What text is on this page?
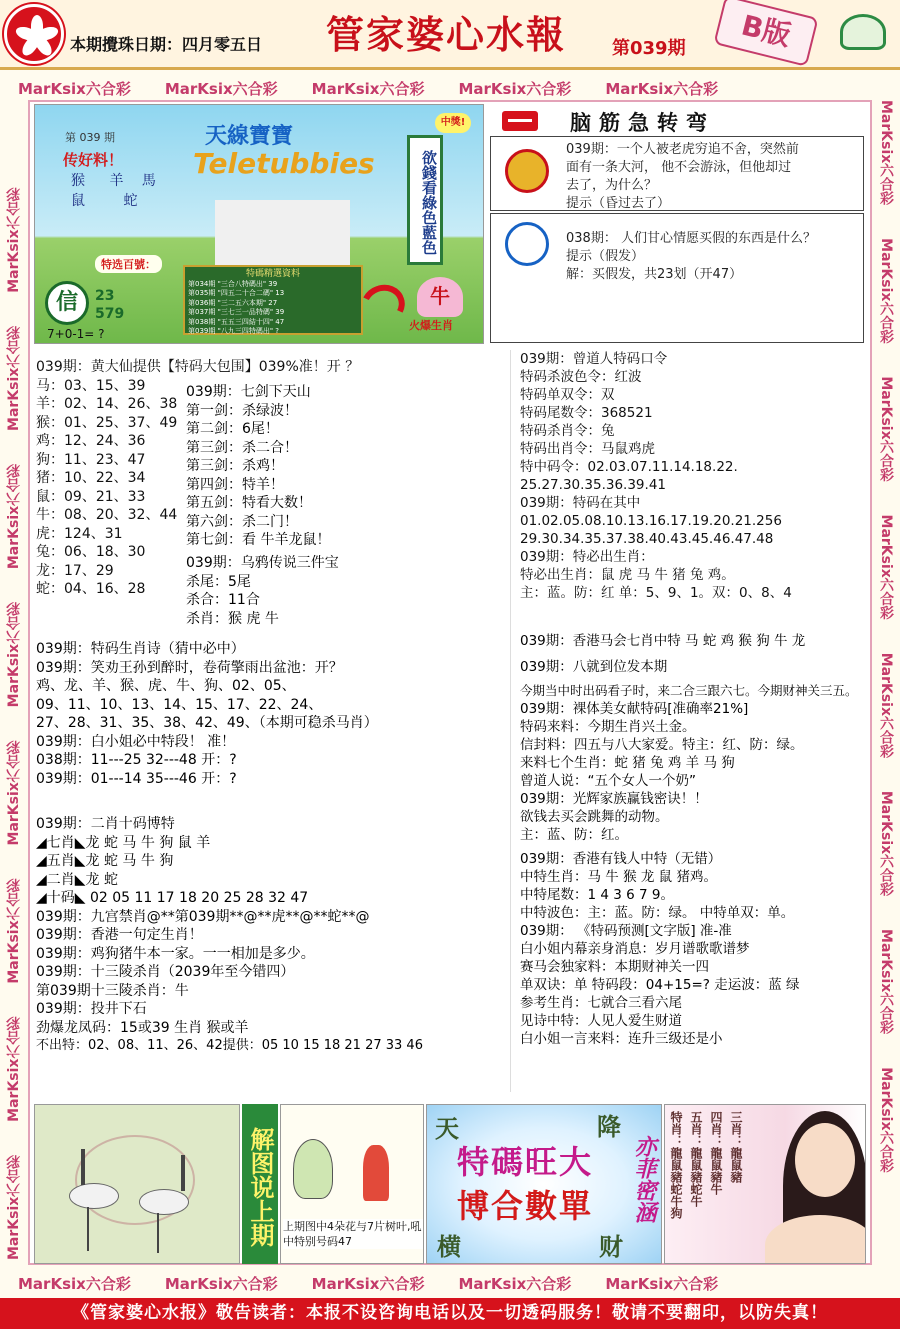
本期攪珠日期：四月零五日 管家婆心水報	第039期	B版
MarKsix六合彩 MarKsix六合彩 MarKsix六合彩 MarKsix六合彩 MarKsix六合彩
MarKsix六合彩　　 MarKsix六合彩　　 MarKsix六合彩　　 MarKsix六合彩　　 MarKsix六合彩　　 MarKsix六合彩　　 MarKsix六合彩　　 MarKsix六合彩
MarKsix六合彩　　 MarKsix六合彩　　 MarKsix六合彩　　 MarKsix六合彩　　 MarKsix六合彩　　 MarKsix六合彩　　 MarKsix六合彩　　 MarKsix六合彩
第 039 期	天線寶寶
Teletubbies
中獎!
传好料！
猴 羊 馬
鼠	蛇
特选百號：
信	23
579
7+0-1= ?
特碼精選資料
第034期 "三合八特碼出" 39
第035期 "四五二十合二碼" 13
第036期 "三二五六本期" 27
第037期 "三七三一品特碼" 39
第038期 "五五三四結十四" 47
第039期 "八九三四特碼出" ?
欲錢看綠色藍色
牛
火爆生肖
脑筋急转弯

039期：一个人被老虎穷追不舍，突然前

面有一条大河， 他不会游泳，但他却过

去了，为什么？

提示（昏过去了）

038期： 人们甘心情愿买假的东西是什么？

提示（假发）

解：买假发，共23划（开47）

039期：黄大仙提供【特码大包围】039%准！开 ？

马：03、15、39

羊：02、14、26、38

猴：01、25、37、49

鸡：12、24、36

狗：11、23、47

猪：10、22、34

鼠：09、21、33

牛：08、20、32、44

虎：124、31

兔：06、18、30

龙：17、29

蛇：04、16、28

039期：七剑下天山

第一剑：杀绿波！

第二剑：6尾！

第三剑：杀二合！

第三剑：杀鸡！

第四剑：特羊！

第五剑：特看大数！

第六剑：杀二门！

第七剑：看 牛羊龙鼠！

039期：乌鸦传说三件宝

杀尾：5尾

杀合：11合

杀肖：猴 虎 牛

039期：特码生肖诗（猜中必中）

039期：笑劝王孙到醉时，卷荷擎雨出盆池：开？

鸡、龙、羊、猴、虎、牛、狗、02、05、

09、11、10、13、14、15、17、22、24、

27、28、31、35、38、42、49、（本期可稳杀马肖）

039期：白小姐必中特段！ 准！

038期：11---25 32---48 开：?

039期：01---14 35---46 开：?

039期：二肖十码博特

◢七肖◣龙 蛇 马 牛 狗 鼠 羊

◢五肖◣龙 蛇 马 牛 狗

◢二肖◣龙 蛇

◢十码◣ 02 05 11 17 18 20 25 28 32 47

039期：九宫禁肖@**第039期**@**虎**@**蛇**@

039期：香港一句定生肖！

039期：鸡狗猪牛本一家。一一相加是多少。

039期：十三陵杀肖（2039年至今错四）

第039期十三陵杀肖：牛

039期：投井下石

劲爆龙凤码：15或39 生肖 猴或羊

不出特：02、08、11、26、42提供：05 10 15 18 21 27 33 46

039期：曾道人特码口令

特码杀波色令：红波

特码单双令：双

特码尾数令：368521

特码杀肖令：兔

特码出肖令：马鼠鸡虎

特中码令：02.03.07.11.14.18.22.

25.27.30.35.36.39.41

039期：特码在其中

01.02.05.08.10.13.16.17.19.20.21.256

29.30.34.35.37.38.40.43.45.46.47.48

039期：特必出生肖：

特必出生肖：鼠 虎 马 牛 猪 兔 鸡。

主：蓝。防：红 单：5、9、1。双：0、8、4

039期：香港马会七肖中特 马 蛇 鸡 猴 狗 牛 龙

039期：八就到位发本期

今期当中时出码看子时，来二合三跟六七。今期财神关三五。

039期：裸体美女献特码[准确率21%]

特码来料：今期生肖兴土金。

信封料：四五与八大家爱。特主：红、防：绿。

来料七个生肖：蛇 猪 兔 鸡 羊 马 狗

曾道人说：“五个女人一个奶”

039期：光辉家族赢钱密诀！！

欲钱去买会跳舞的动物。

主：蓝、防：红。

039期：香港有钱人中特（无错）

中特生肖：马 牛 猴 龙 鼠 猪鸡。

中特尾数：1 4 3 6 7 9。

中特波色：主：蓝。防：绿。 中特单双：单。

039期： 《特码预测[文字版] 准-准

白小姐内幕亲身消息：岁月谱歌歌谱梦

赛马会独家料：本期财神关一四

单双诀：单 特码段：04+15=? 走运波：蓝 绿

参考生肖：七就合三看六尾

见诗中特：人见人爱生财道

白小姐一言来料：连升三级还是小

解图说上期 上期图中4朵花与7片树叶,吼中特别号码47
天	降
横	财
特碼旺大
博合數單 亦菲密涵	三肖：龍鼠豬
四肖：龍鼠豬牛
五肖：龍鼠豬蛇牛
特肖：龍鼠豬蛇牛狗
MarKsix六合彩 MarKsix六合彩 MarKsix六合彩 MarKsix六合彩 MarKsix六合彩
《管家婆心水报》敬告读者：本报不设咨询电话以及一切透码服务！敬请不要翻印，以防失真！
